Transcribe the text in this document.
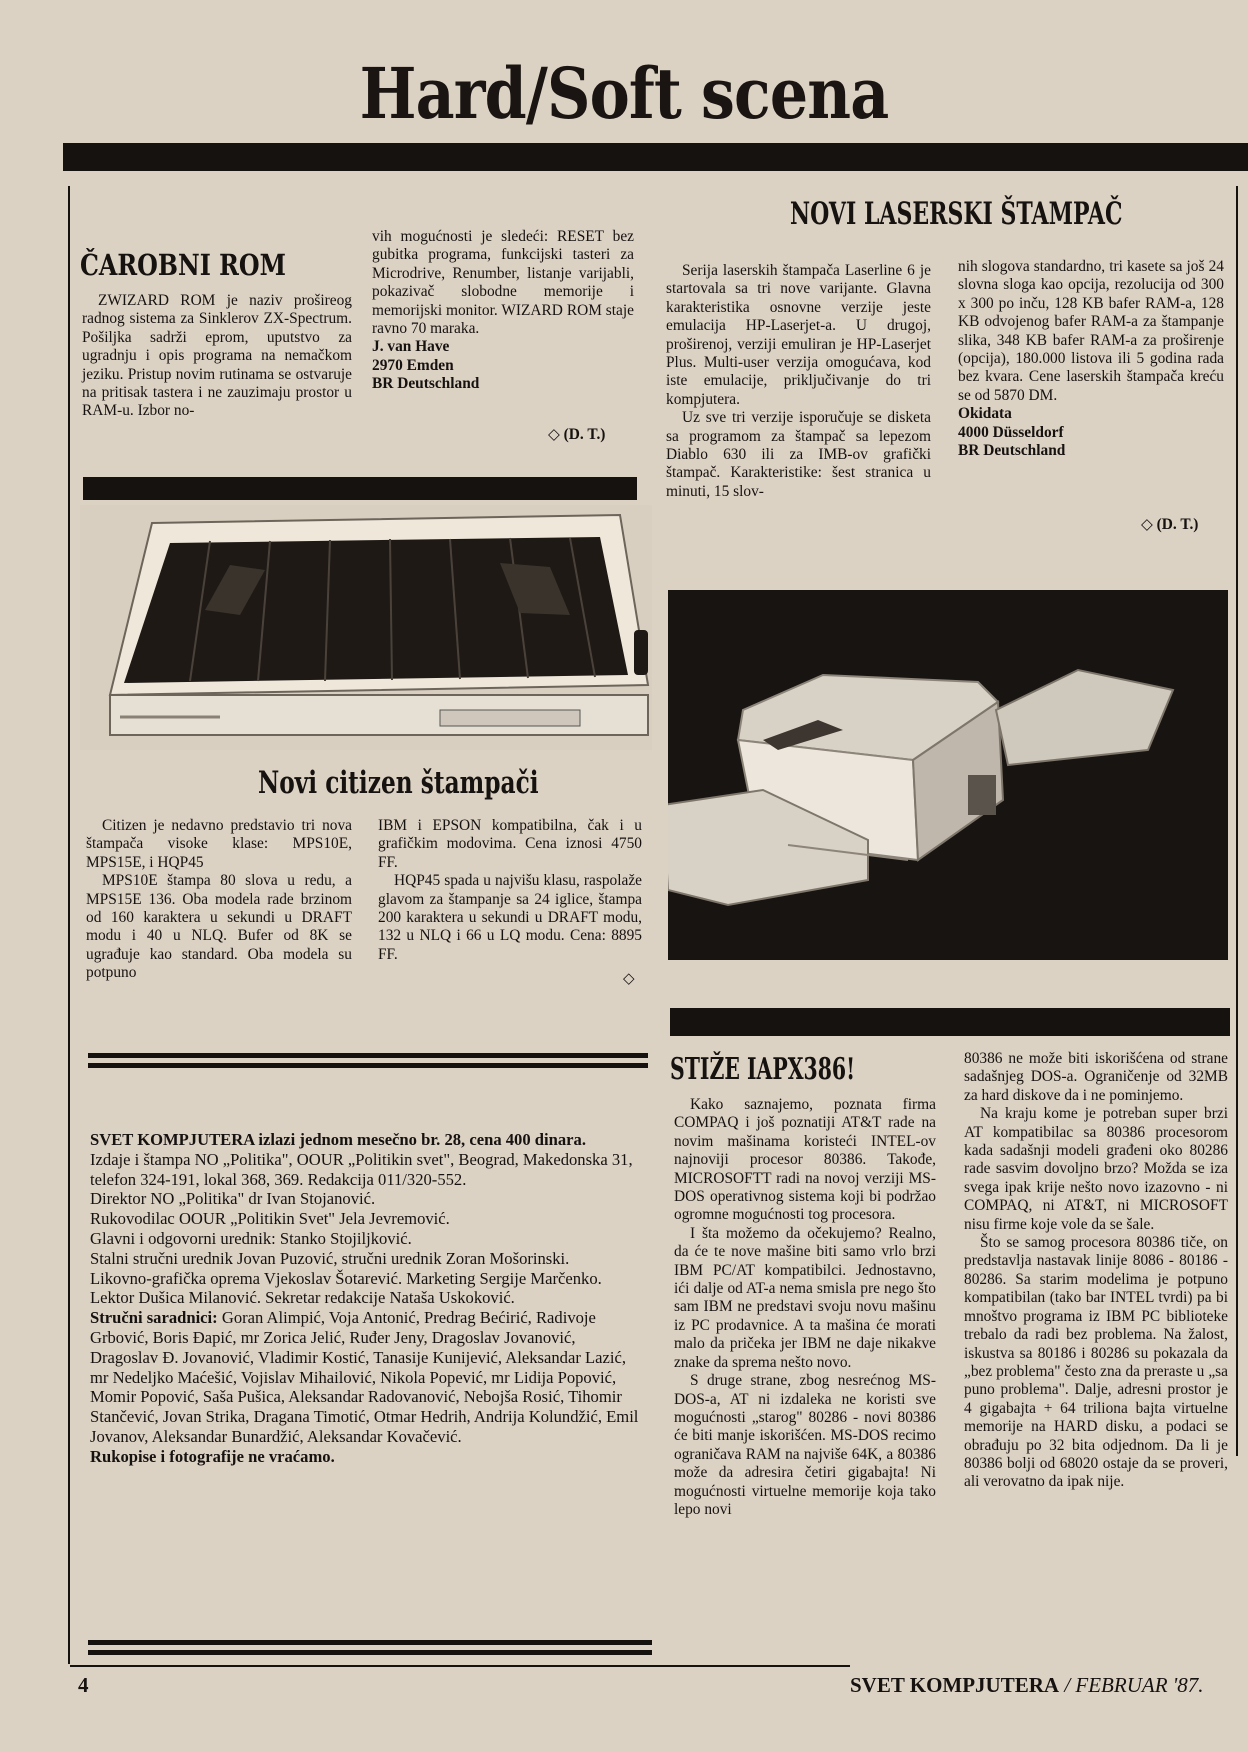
Hard/Soft scena
ČAROBNI ROM

ZWIZARD ROM je naziv prošireog radnog sistema za Sinklerov ZX-Spectrum. Pošiljka sadrži eprom, uputstvo za ugradnju i opis programa na nemačkom jeziku. Pristup novim rutinama se ostvaruje na pritisak tastera i ne zauzimaju prostor u RAM-u. Izbor no-

vih mogućnosti je sledeći: RESET bez gubitka programa, funkcijski tasteri za Microdrive, Renumber, listanje varijabli, pokazivač slobodne memorije i memorijski monitor. WIZARD ROM staje ravno 70 maraka.

J. van Have
2970 Emden
BR Deutschland
◇ (D. T.)
Novi citizen štampači

Citizen je nedavno predstavio tri nova štampača visoke klase: MPS10E, MPS15E, i HQP45

MPS10E štampa 80 slova u redu, a MPS15E 136. Oba modela rade brzinom od 160 karaktera u sekundi u DRAFT modu i 40 u NLQ. Bufer od 8K se ugrađuje kao standard. Oba modela su potpuno

IBM i EPSON kompatibilna, čak i u grafičkim modovima. Cena iznosi 4750 FF.

HQP45 spada u najvišu klasu, raspolaže glavom za štampanje sa 24 iglice, štampa 200 karaktera u sekundi u DRAFT modu, 132 u NLQ i 66 u LQ modu. Cena: 8895 FF.

◇
NOVI LASERSKI ŠTAMPAČ

Serija laserskih štampača Laserline 6 je startovala sa tri nove varijante. Glavna karakteristika osnovne verzije jeste emulacija HP-Laserjet-a. U drugoj, proširenoj, verziji emuliran je HP-Laserjet Plus. Multi-user verzija omogućava, kod iste emulacije, priključivanje do tri kompjutera.

Uz sve tri verzije isporučuje se disketa sa programom za štampač sa lepezom Diablo 630 ili za IMB-ov grafički štampač. Karakteristike: šest stranica u minuti, 15 slov-

nih slogova standardno, tri kasete sa još 24 slovna sloga kao opcija, rezolucija od 300 x 300 po inču, 128 KB bafer RAM-a, 128 KB odvojenog bafer RAM-a za štampanje slika, 348 KB bafer RAM-a za proširenje (opcija), 180.000 listova ili 5 godina rada bez kvara. Cene laserskih štampača kreću se od 5870 DM.

Okidata
4000 Düsseldorf
BR Deutschland
◇ (D. T.)
STIŽE IAPX386!

Kako saznajemo, poznata firma COMPAQ i još poznatiji AT&T rade na novim mašinama koristeći INTEL-ov najnoviji procesor 80386. Takođe, MICROSOFTT radi na novoj verziji MS-DOS operativnog sistema koji bi podržao ogromne mogućnosti tog procesora.

I šta možemo da očekujemo? Realno, da će te nove mašine biti samo vrlo brzi IBM PC/AT kompatibilci. Jednostavno, ići dalje od AT-a nema smisla pre nego što sam IBM ne predstavi svoju novu mašinu iz PC prodavnice. A ta mašina će morati malo da pričeka jer IBM ne daje nikakve znake da sprema nešto novo.

S druge strane, zbog nesrećnog MS-DOS-a, AT ni izdaleka ne koristi sve mogućnosti „starog" 80286 - novi 80386 će biti manje iskorišćen. MS-DOS recimo ograničava RAM na najviše 64K, a 80386 može da adresira četiri gigabajta! Ni mogućnosti virtuelne memorije koja tako lepo novi

80386 ne može biti iskorišćena od strane sadašnjeg DOS-a. Ograničenje od 32MB za hard diskove da i ne pominjemo.

Na kraju kome je potreban super brzi AT kompatibilac sa 80386 procesorom kada sadašnji modeli građeni oko 80286 rade sasvim dovoljno brzo? Možda se iza svega ipak krije nešto novo izazovno - ni COMPAQ, ni AT&T, ni MICROSOFT nisu firme koje vole da se šale.

Što se samog procesora 80386 tiče, on predstavlja nastavak linije 8086 - 80186 - 80286. Sa starim modelima je potpuno kompatibilan (tako bar INTEL tvrdi) pa bi mnoštvo programa iz IBM PC biblioteke trebalo da radi bez problema. Na žalost, iskustva sa 80186 i 80286 su pokazala da „bez problema" često zna da preraste u „sa puno problema". Dalje, adresni prostor je 4 gigabajta + 64 triliona bajta virtuelne memorije na HARD disku, a podaci se obrađuju po 32 bita odjednom. Da li je 80386 bolji od 68020 ostaje da se proveri, ali verovatno da ipak nije.

SVET KOMPJUTERA izlazi jednom mesečno br. 28, cena 400 dinara.
Izdaje i štampa NO „Politika", OOUR „Politikin svet", Beograd, Makedonska 31, telefon 324-191, lokal 368, 369. Redakcija 011/320-552.
Direktor NO „Politika" dr Ivan Stojanović.
Rukovodilac OOUR „Politikin Svet" Jela Jevremović.
Glavni i odgovorni urednik: Stanko Stojiljković.
Stalni stručni urednik Jovan Puzović, stručni urednik Zoran Mošorinski.
Likovno-grafička oprema Vjekoslav Šotarević. Marketing Sergije Marčenko. Lektor Dušica Milanović. Sekretar redakcije Nataša Uskoković.
Stručni saradnici: Goran Alimpić, Voja Antonić, Predrag Bećirić, Radivoje Grbović, Boris Đapić, mr Zorica Jelić, Ruđer Jeny, Dragoslav Jovanović, Dragoslav Đ. Jovanović, Vladimir Kostić, Tanasije Kunijević, Aleksandar Lazić, mr Nedeljko Maćešić, Vojislav Mihailović, Nikola Popević, mr Lidija Popović, Momir Popović, Saša Pušica, Aleksandar Radovanović, Nebojša Rosić, Tihomir Stančević, Jovan Strika, Dragana Timotić, Otmar Hedrih, Andrija Kolundžić, Emil Jovanov, Aleksandar Bunardžić, Aleksandar Kovačević.
Rukopise i fotografije ne vraćamo.
4	SVET KOMPJUTERA / FEBRUAR '87.
